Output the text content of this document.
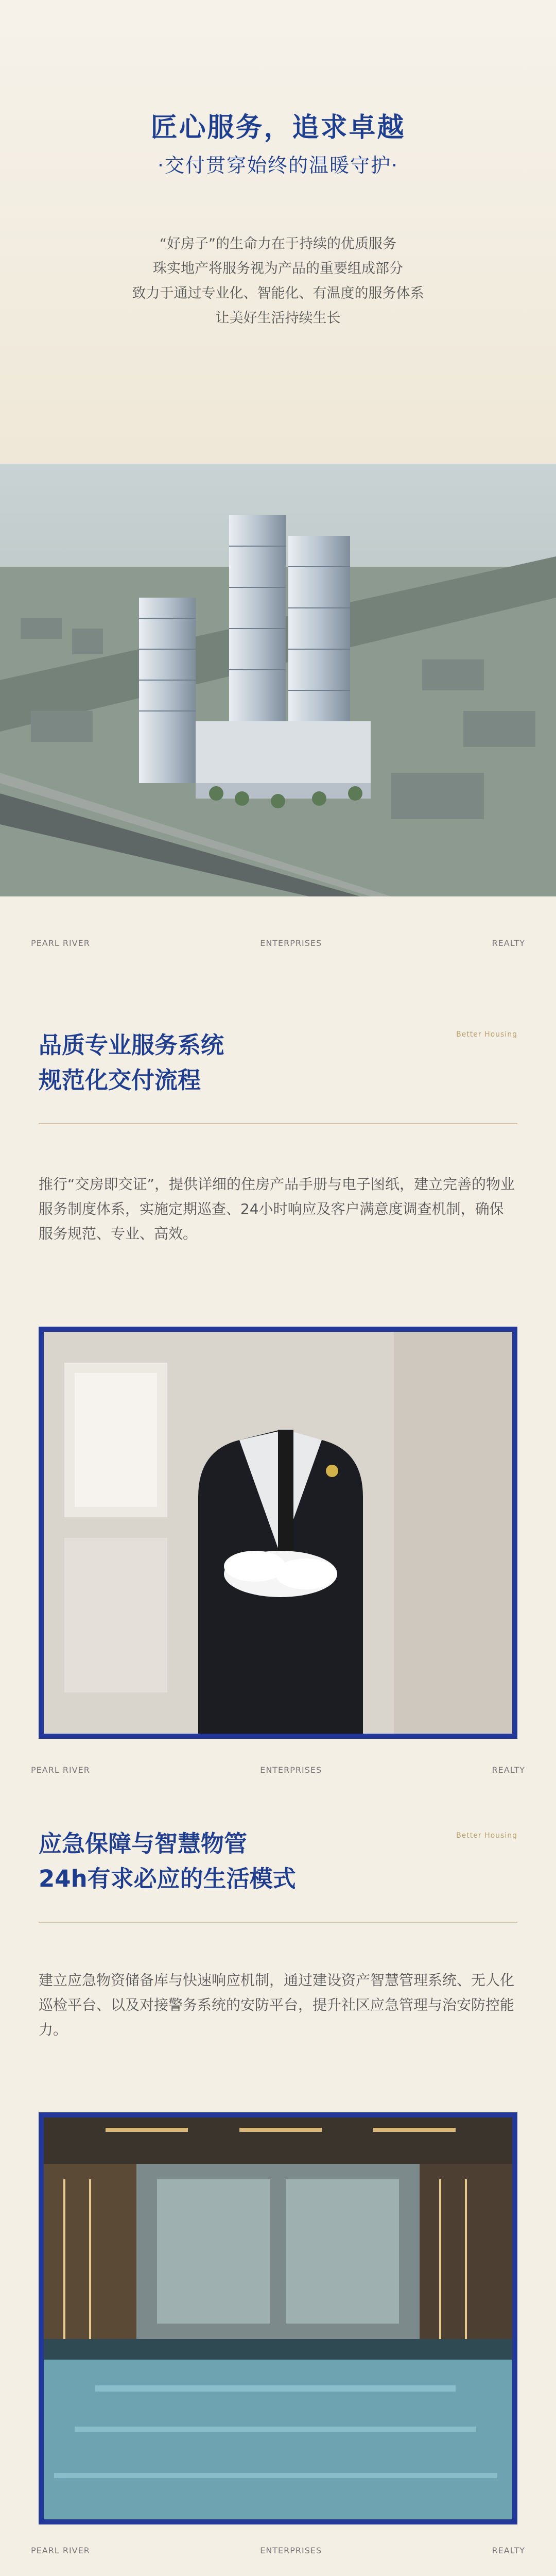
匠心服务，追求卓越
·交付贯穿始终的温暖守护·
“好房子”的生命力在于持续的优质服务
珠实地产将服务视为产品的重要组成部分
致力于通过专业化、智能化、有温度的服务体系
让美好生活持续生长
PEARL RIVER	ENTERPRISES	REALTY
Better Housing
品质专业服务系统
规范化交付流程
推行“交房即交证”，提供详细的住房产品手册与电子图纸，建立完善的物业服务制度体系，实施定期巡查、24小时响应及客户满意度调查机制，确保服务规范、专业、高效。
PEARL RIVER	ENTERPRISES	REALTY
Better Housing
应急保障与智慧物管
24h有求必应的生活模式
建立应急物资储备库与快速响应机制，通过建设资产智慧管理系统、无人化巡检平台、以及对接警务系统的安防平台，提升社区应急管理与治安防控能力。
PEARL RIVER	ENTERPRISES	REALTY
